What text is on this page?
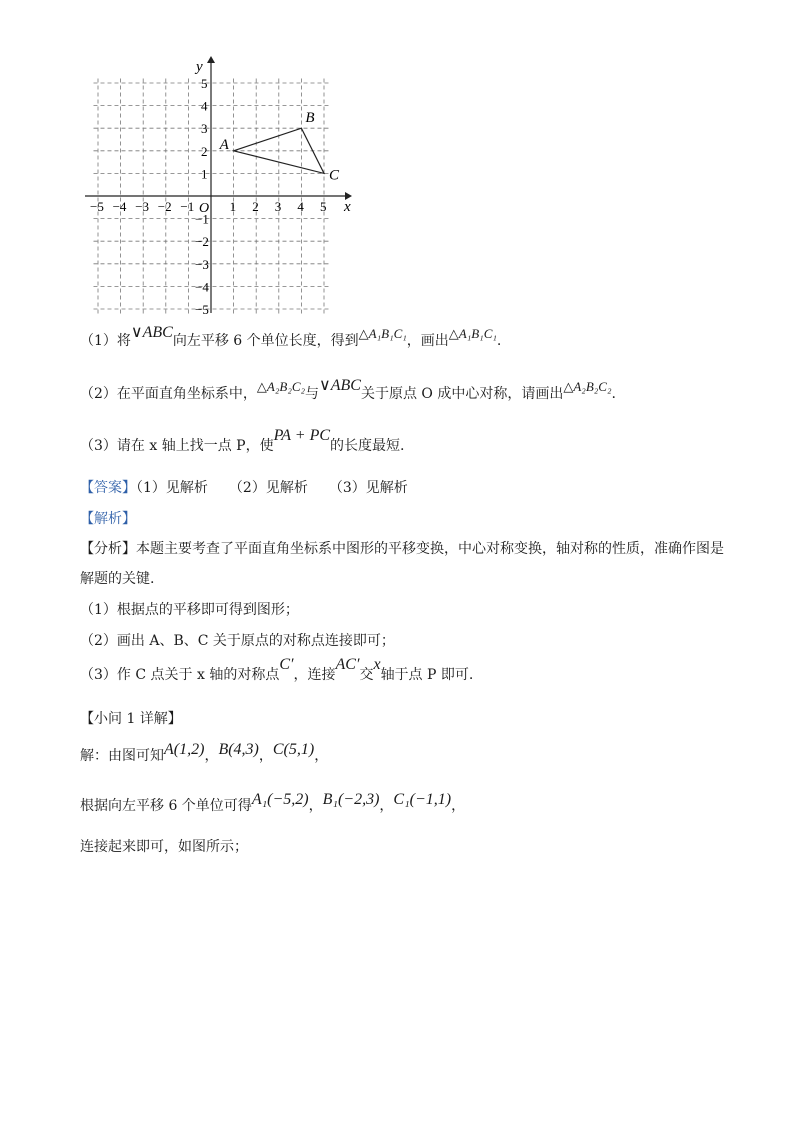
x
y
O
−5 −4 −3 −2 −1	1 2 3 4 5
5
4
3
2
1
−1
−2
−3
−4
−5
A
B
C
（1）将∨ABC向左平移 6 个单位长度，得到△A₁B₁C₁，画出△A₁B₁C₁.
（2）在平面直角坐标系中，△A₂B₂C₂与∨ABC关于原点 O 成中心对称，请画出△A₂B₂C₂.
（3）请在 x 轴上找一点 P，使PA + PC的长度最短.
【答案】（1）见解析　　（2）见解析　　（3）见解析
【解析】
【分析】本题主要考查了平面直角坐标系中图形的平移变换，中心对称变换，轴对称的性质，准确作图是
解题的关键.
（1）根据点的平移即可得到图形；
（2）画出 A、B、C 关于原点的对称点连接即可；
（3）作 C 点关于 x 轴的对称点C′，连接AC′交x轴于点 P 即可.
【小问 1 详解】
解：由图可知A(1,2)，B(4,3)，C(5,1)，
根据向左平移 6 个单位可得A₁(−5,2)，B₁(−2,3)，C₁(−1,1)，
连接起来即可，如图所示；
